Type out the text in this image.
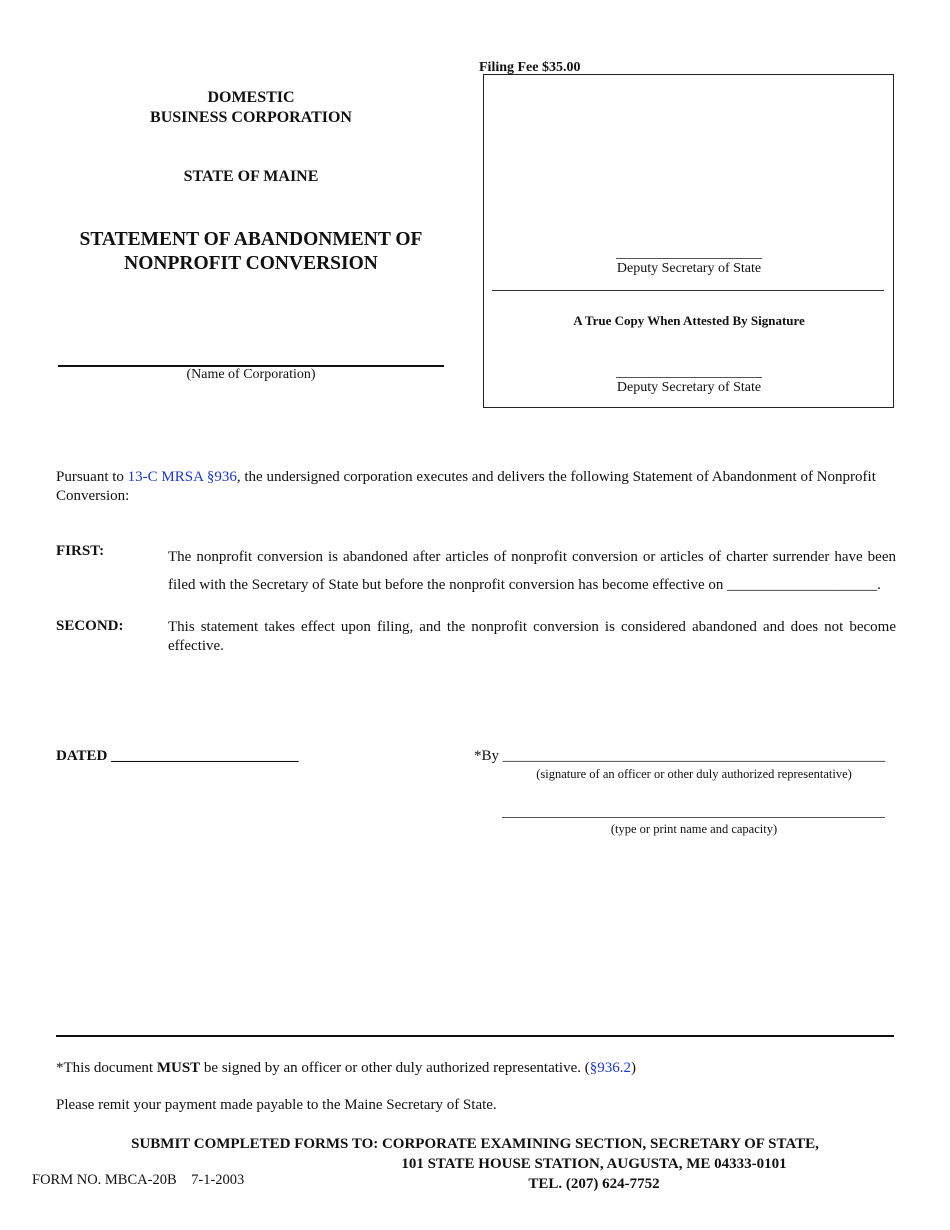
Filing Fee $35.00
DOMESTIC
BUSINESS CORPORATION
STATE OF MAINE
STATEMENT OF ABANDONMENT OF
NONPROFIT CONVERSION
(Name of Corporation)
Deputy Secretary of State
A True Copy When Attested By Signature
Deputy Secretary of State
Pursuant to 13-C MRSA §936, the undersigned corporation executes and delivers the following Statement of Abandonment of Nonprofit Conversion:
FIRST:	The nonprofit conversion is abandoned after articles of nonprofit conversion or articles of charter surrender have been filed with the Secretary of State but before the nonprofit conversion has become effective on ____________________.
SECOND:	This statement takes effect upon filing, and the nonprofit conversion is considered abandoned and does not become effective.
DATED _________________________	*By ___________________________________________________
(signature of an officer or other duly authorized representative)
(type or print name and capacity)
*This document MUST be signed by an officer or other duly authorized representative. (§936.2)
Please remit your payment made payable to the Maine Secretary of State.
SUBMIT COMPLETED FORMS TO: CORPORATE EXAMINING SECTION, SECRETARY OF STATE,
101 STATE HOUSE STATION, AUGUSTA, ME 04333-0101
TEL. (207) 624-7752
FORM NO. MBCA-20B    7-1-2003
